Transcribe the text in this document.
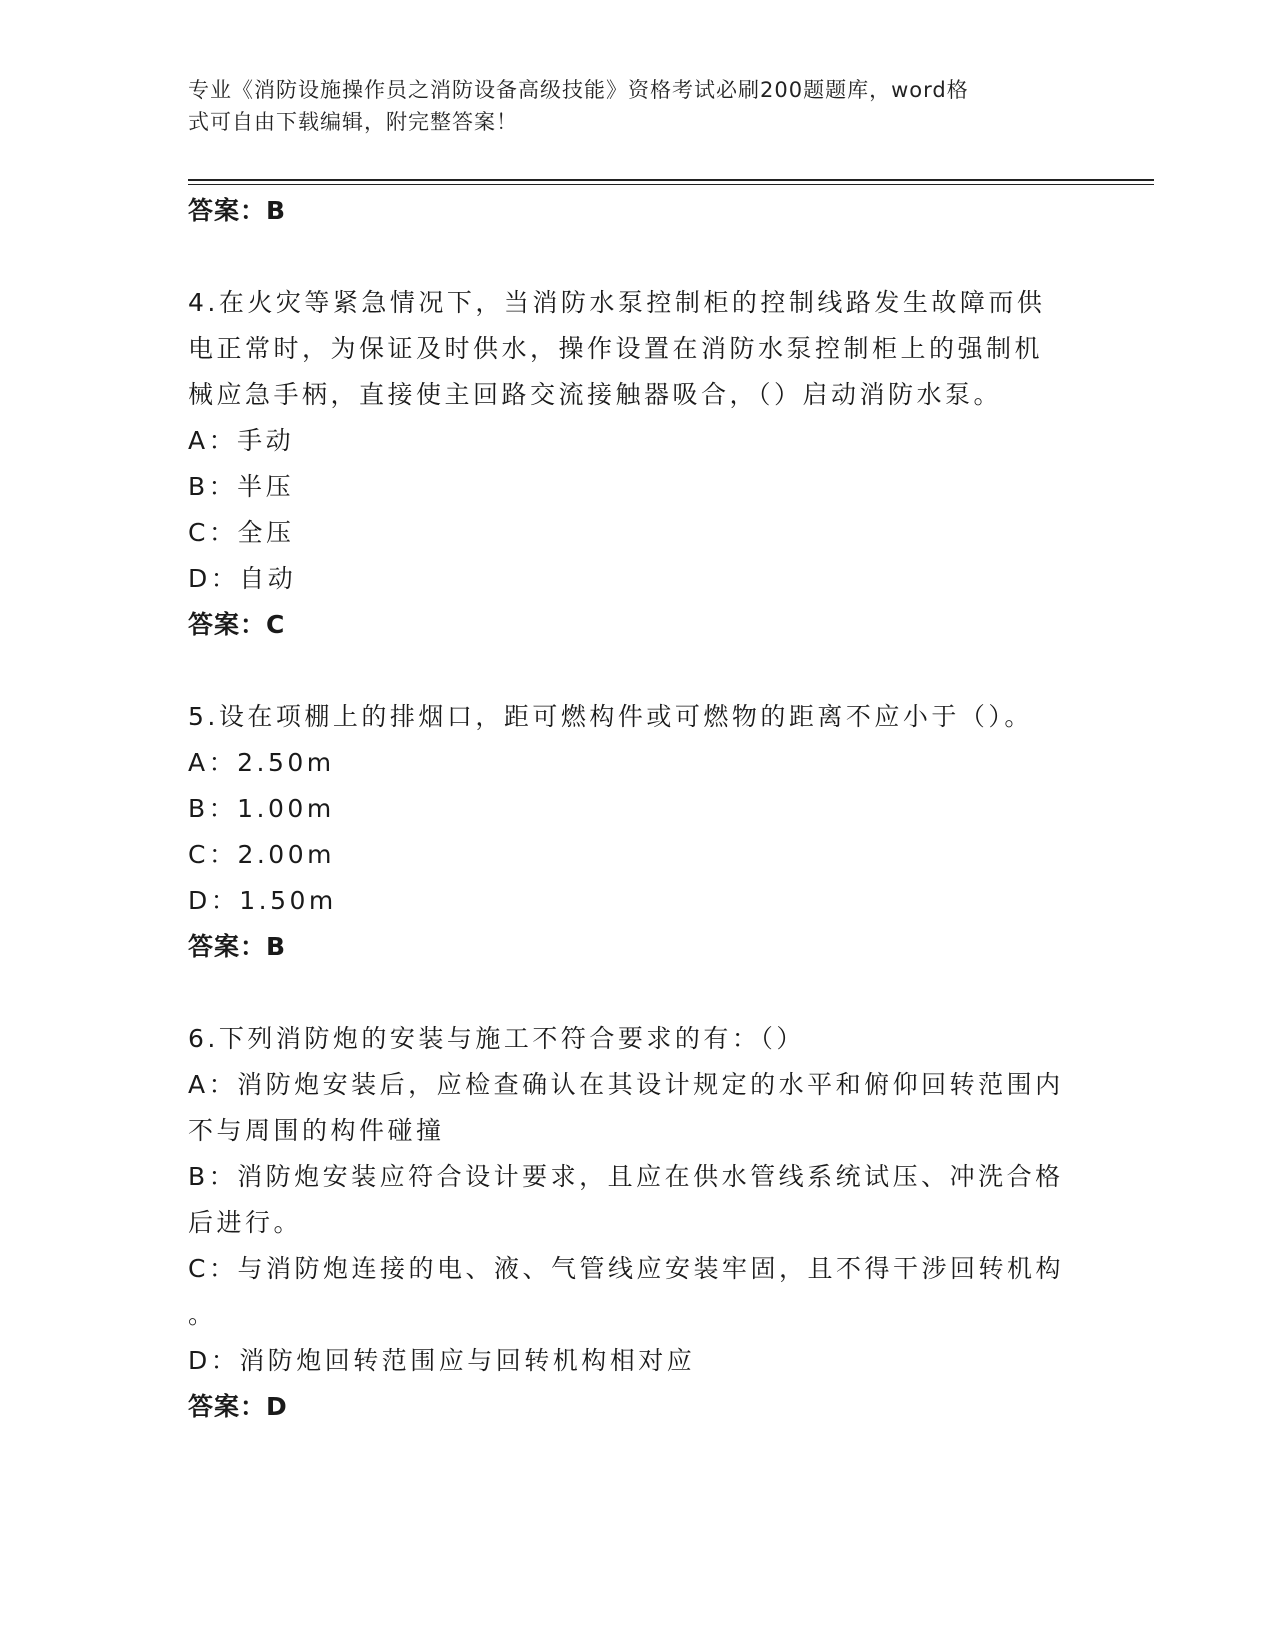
专业《消防设施操作员之消防设备高级技能》资格考试必刷200题题库，word格
式可自由下载编辑，附完整答案！
答案：B
4.在火灾等紧急情况下，当消防水泵控制柜的控制线路发生故障而供
电正常时，为保证及时供水，操作设置在消防水泵控制柜上的强制机
械应急手柄，直接使主回路交流接触器吸合，（）启动消防水泵。
A：手动
B：半压
C：全压
D：自动
答案：C
5.设在项棚上的排烟口，距可燃构件或可燃物的距离不应小于（）。
A：2.50m
B：1.00m
C：2.00m
D：1.50m
答案：B
6.下列消防炮的安装与施工不符合要求的有：（）
A：消防炮安装后，应检查确认在其设计规定的水平和俯仰回转范围内
不与周围的构件碰撞
B：消防炮安装应符合设计要求，且应在供水管线系统试压、冲洗合格
后进行。
C：与消防炮连接的电、液、气管线应安装牢固，且不得干涉回转机构
。
D：消防炮回转范围应与回转机构相对应
答案：D
